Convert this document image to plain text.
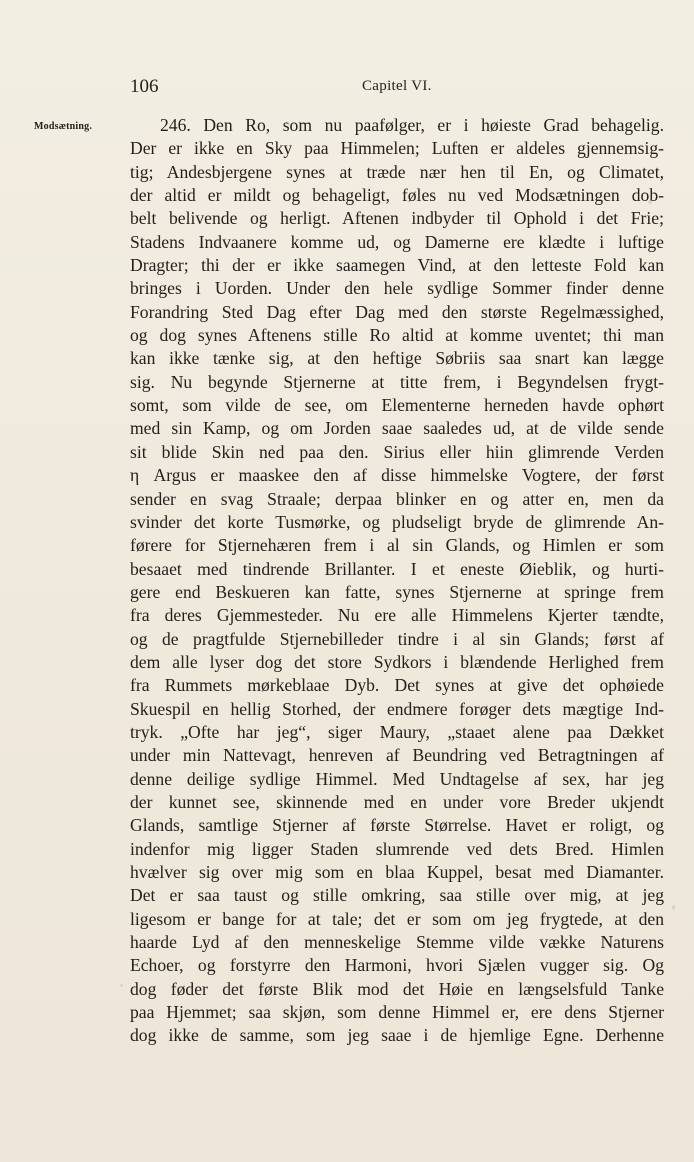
106	Capitel VI.
Modsætning.	246. Den Ro, som nu paafølger, er i høieste Grad behagelig.
Der er ikke en Sky paa Himmelen; Luften er aldeles gjennemsig-
tig; Andesbjergene synes at træde nær hen til En, og Climatet,
der altid er mildt og behageligt, føles nu ved Modsætningen dob-
belt belivende og herligt. Aftenen indbyder til Ophold i det Frie;
Stadens Indvaanere komme ud, og Damerne ere klædte i luftige
Dragter; thi der er ikke saamegen Vind, at den letteste Fold kan
bringes i Uorden. Under den hele sydlige Sommer finder denne
Forandring Sted Dag efter Dag med den største Regelmæssighed,
og dog synes Aftenens stille Ro altid at komme uventet; thi man
kan ikke tænke sig, at den heftige Søbriis saa snart kan lægge
sig. Nu begynde Stjernerne at titte frem, i Begyndelsen frygt-
somt, som vilde de see, om Elementerne herneden havde ophørt
med sin Kamp, og om Jorden saae saaledes ud, at de vilde sende
sit blide Skin ned paa den. Sirius eller hiin glimrende Verden
η Argus er maaskee den af disse himmelske Vogtere, der først
sender en svag Straale; derpaa blinker en og atter en, men da
svinder det korte Tusmørke, og pludseligt bryde de glimrende An-
førere for Stjernehæren frem i al sin Glands, og Himlen er som
besaaet med tindrende Brillanter. I et eneste Øieblik, og hurti-
gere end Beskueren kan fatte, synes Stjernerne at springe frem
fra deres Gjemmesteder. Nu ere alle Himmelens Kjerter tændte,
og de pragtfulde Stjernebilleder tindre i al sin Glands; først af
dem alle lyser dog det store Sydkors i blændende Herlighed frem
fra Rummets mørkeblaae Dyb. Det synes at give det ophøiede
Skuespil en hellig Storhed, der endmere forøger dets mægtige Ind-
tryk. „Ofte har jeg“, siger Maury, „staaet alene paa Dækket
under min Nattevagt, henreven af Beundring ved Betragtningen af
denne deilige sydlige Himmel. Med Undtagelse af sex, har jeg
der kunnet see, skinnende med en under vore Breder ukjendt
Glands, samtlige Stjerner af første Størrelse. Havet er roligt, og
indenfor mig ligger Staden slumrende ved dets Bred. Himlen
hvælver sig over mig som en blaa Kuppel, besat med Diamanter.
Det er saa taust og stille omkring, saa stille over mig, at jeg
ligesom er bange for at tale; det er som om jeg frygtede, at den
haarde Lyd af den menneskelige Stemme vilde vække Naturens
Echoer, og forstyrre den Harmoni, hvori Sjælen vugger sig. Og
dog føder det første Blik mod det Høie en længselsfuld Tanke
paa Hjemmet; saa skjøn, som denne Himmel er, ere dens Stjerner
dog ikke de samme, som jeg saae i de hjemlige Egne. Derhenne
